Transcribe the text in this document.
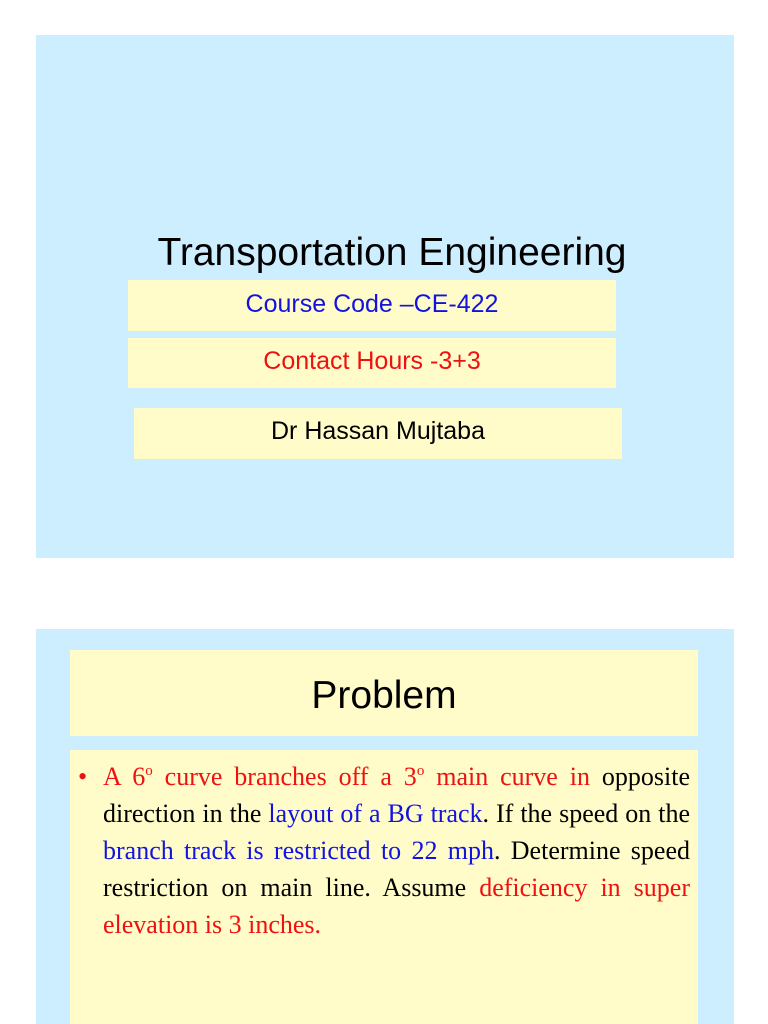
Transportation Engineering
Course Code –CE-422
Contact Hours -3+3
Dr Hassan Mujtaba
Problem
• A 6$^o$ curve branches off a 3$^o$ main curve in opposite direction in the layout of a BG track. If the speed on the branch track is restricted to 22 mph. Determine speed restriction on main line. Assume deficiency in super elevation is 3 inches.
